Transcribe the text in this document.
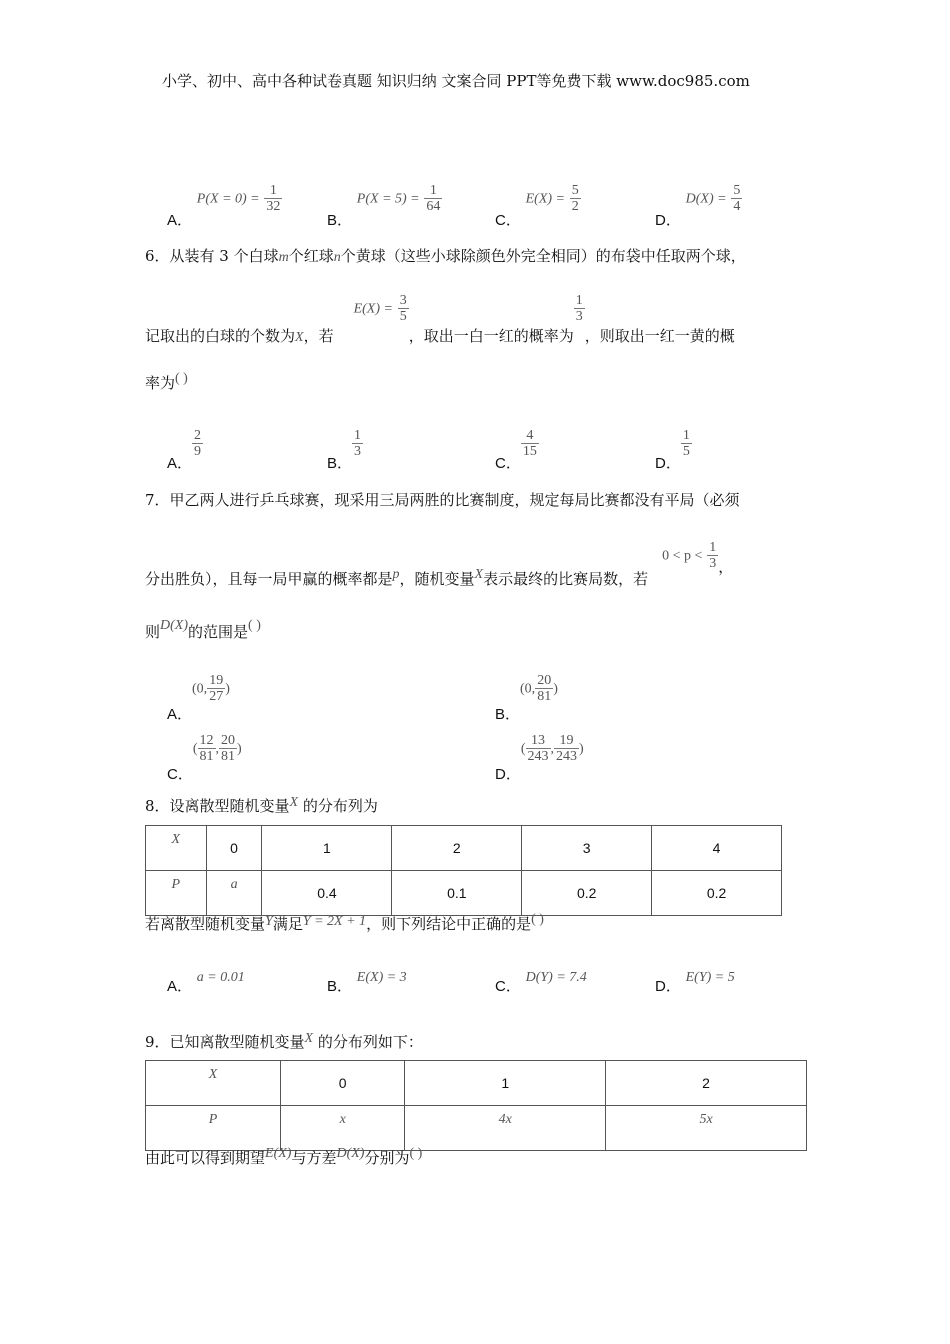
小学、初中、高中各种试卷真题 知识归纳 文案合同 PPT等免费下载 www.doc985.com
A． $P(X = 0) = \frac{1}{32}$
B． $P(X = 5) = \frac{1}{64}$
C． $E(X) = \frac{5}{2}$
D． $D(X) = \frac{5}{4}$
6．从装有 3 个白球m个红球n个黄球（这些小球除颜色外完全相同）的布袋中任取两个球，
记取出的白球的个数为X，若$E(X) = \frac{3}{5}$
，取出一白一红的概率为
$\frac{1}{3}$
，则取出一红一黄的概
率为( )
A．
$\frac{2}{9}$
B．
$\frac{1}{3}$
C．
$\frac{4}{15}$
D．
$\frac{1}{5}$
7．甲乙两人进行乒乓球赛，现采用三局两胜的比赛制度，规定每局比赛都没有平局（必须
分出胜负），且每一局甲赢的概率都是p，随机变量X表示最终的比赛局数，若$0 < p < \frac{1}{3}$ ，
则D(X)的范围是( )
A．(0, $\frac{19}{27}$ )
B．(0, $\frac{20}{81}$ )
C．( $\frac{12}{81}$ , $\frac{20}{81}$ )
D．( $\frac{13}{243}$ , $\frac{19}{243}$ )
8．设离散型随机变量X 的分布列为
X	0	1	2	3	4
P	a	0.4	0.1	0.2	0.2
若离散型随机变量Y满足Y = 2X + 1，则下列结论中正确的是( )
A． a = 0.01
B． E(X) = 3
C． D(Y) = 7.4
D． E(Y) = 5
9．已知离散型随机变量X 的分布列如下：
X	0	1	2
P	x	4x	5x
由此可以得到期望E(X)与方差D(X)分别为( )
